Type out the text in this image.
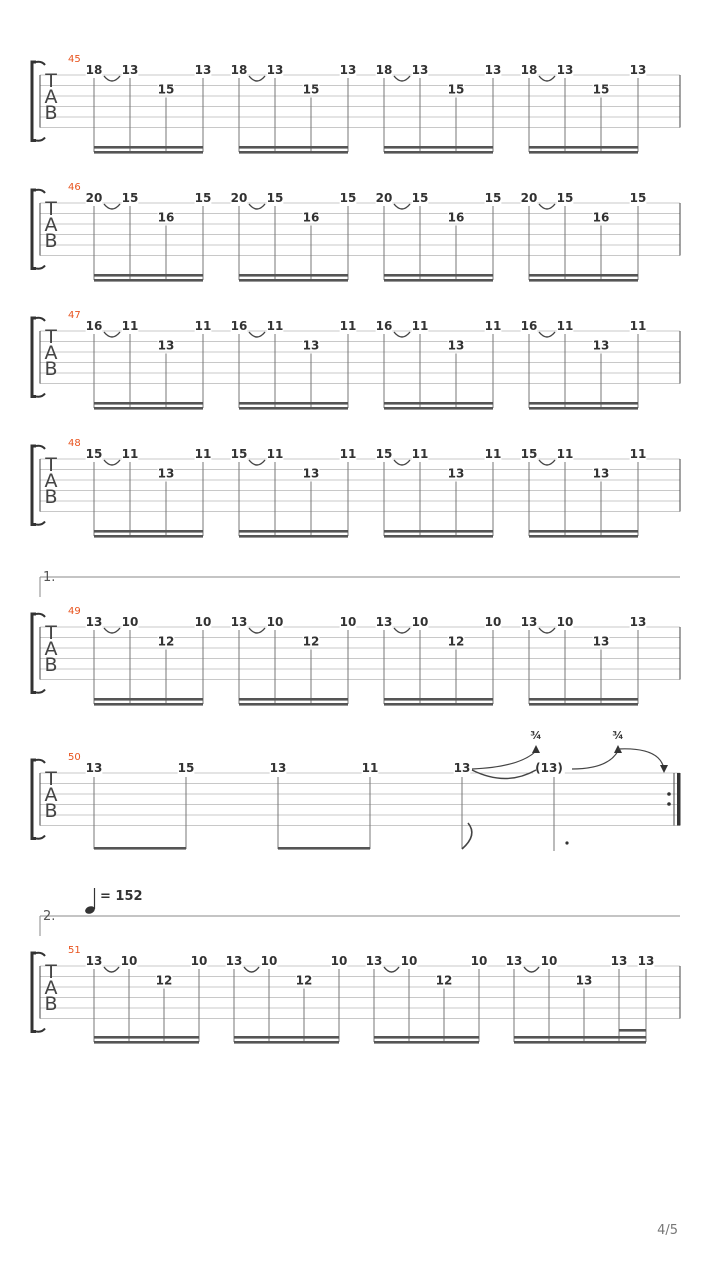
T
A
B
45
18 13
15
13 18 13
15
13 18 13
15
13 18 13
15
13
T
A
B
46
20 15
16
15 20 15
16
15 20 15
16
15 20 15
16
15
T
A
B
47
16 11
13
11 16 11
13
11 16 11
13
11 16 11
13
11
T
A
B
48
15 11
13
11 15 11
13
11 15 11
13
11 15 11
13
11
T
A
B
49
1.
13 10
12
10 13 10
12
10 13 10
12
10 13 10
13
13
T
A
B
50
13	15	13	11	13	(13)
¾	¾
T
A
B
51
2.
13 10
12
10 13 10
12
10 13 10
12
10 13 10
13
13 13
= 152
4/5
